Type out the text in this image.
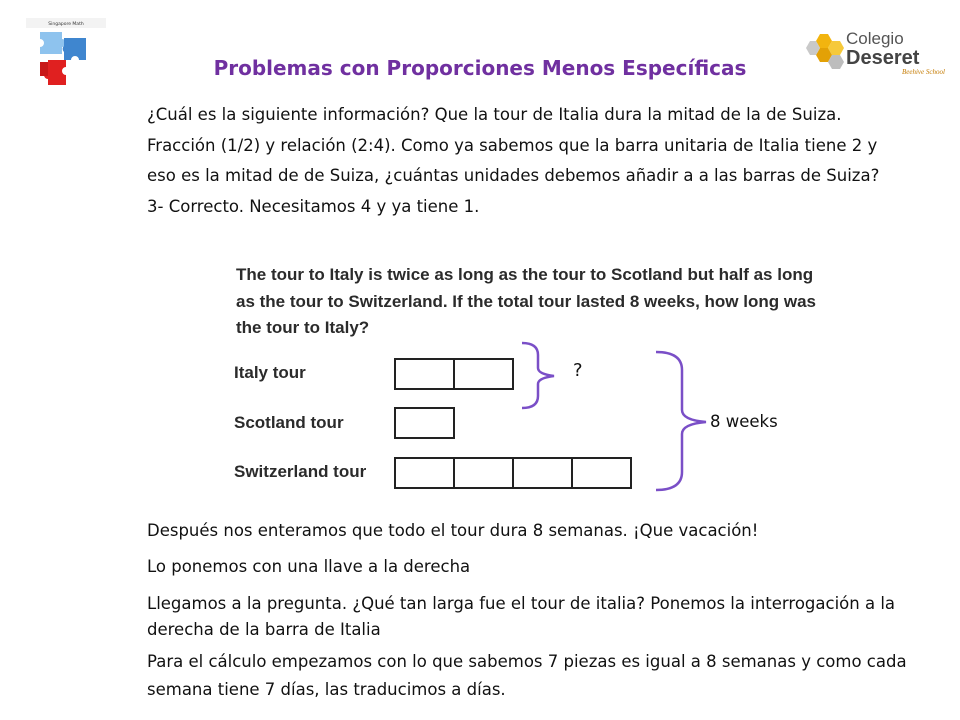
Singapore Math
Colegio
Deseret
Beehive School
Problemas con Proporciones Menos Específicas
¿Cuál es la siguiente información? Que la tour de Italia dura la mitad de la de Suiza. Fracción (1/2) y relación (2:4). Como ya sabemos que la barra unitaria de Italia tiene 2 y eso es la mitad de de Suiza, ¿cuántas unidades debemos añadir a a las barras de Suiza? 3- Correcto. Necesitamos 4 y ya tiene 1.
The tour to Italy is twice as long as the tour to Scotland but half as long as the tour to Switzerland. If the total tour lasted 8 weeks, how long was the tour to Italy?
Italy tour
Scotland tour
Switzerland tour
?
8 weeks
Después nos enteramos que todo el tour dura 8 semanas. ¡Que vacación!
Lo ponemos con una llave a la derecha
Llegamos a la pregunta. ¿Qué tan larga fue el tour de italia? Ponemos la interrogación a la derecha de la barra de Italia
Para el cálculo empezamos con lo que sabemos 7 piezas es igual a 8 semanas y como cada semana tiene 7 días, las traducimos a días.
